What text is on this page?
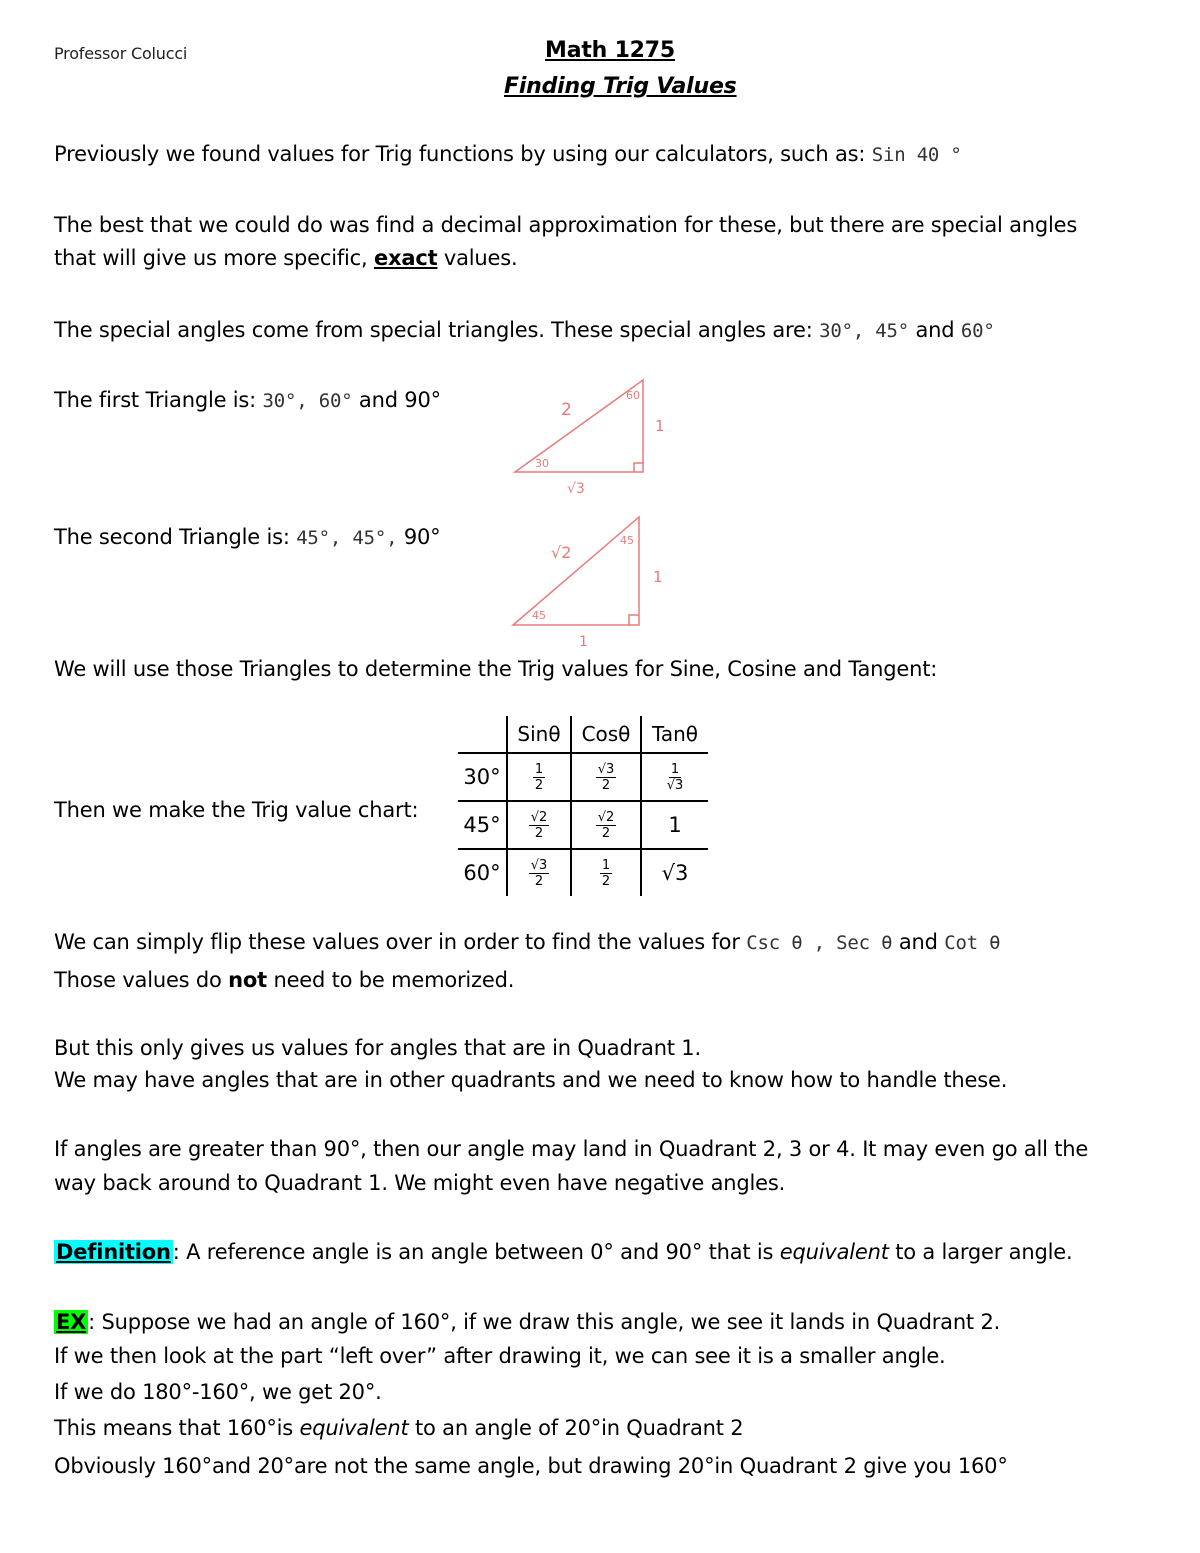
Professor Colucci	Math 1275
Finding Trig Values
Previously we found values for Trig functions by using our calculators, such as: Sin 40 °
The best that we could do was find a decimal approximation for these, but there are special angles
that will give us more specific, exact values.
The special angles come from special triangles. These special angles are: 30°, 45° and 60°
The first Triangle is: 30°, 60° and 90°	2
60
1
30
√3
The second Triangle is: 45°, 45°, 90°
√2
45
1
45
1
We will use those Triangles to determine the Trig values for Sine, Cosine and Tangent:
Then we make the Trig value chart:
	Sinθ	Cosθ	Tanθ
30°	$\frac{1}{2}$	$\frac{√3}{2}$	$\frac{1}{√3}$

45°	$\frac{√2}{2}$	$\frac{√2}{2}$	1
60°	$\frac{√3}{2}$	$\frac{1}{2}$	√3
We can simply flip these values over in order to find the values for Csc θ , Sec θ and Cot θ
Those values do not need to be memorized.
But this only gives us values for angles that are in Quadrant 1.
We may have angles that are in other quadrants and we need to know how to handle these.
If angles are greater than 90°, then our angle may land in Quadrant 2, 3 or 4. It may even go all the
way back around to Quadrant 1. We might even have negative angles.
Definition: A reference angle is an angle between 0° and 90° that is equivalent to a larger angle.
EX: Suppose we had an angle of 160°, if we draw this angle, we see it lands in Quadrant 2.
If we then look at the part “left over” after drawing it, we can see it is a smaller angle.
If we do 180°-160°, we get 20°.
This means that 160°is equivalent to an angle of 20°in Quadrant 2
Obviously 160°and 20°are not the same angle, but drawing 20°in Quadrant 2 give you 160°
